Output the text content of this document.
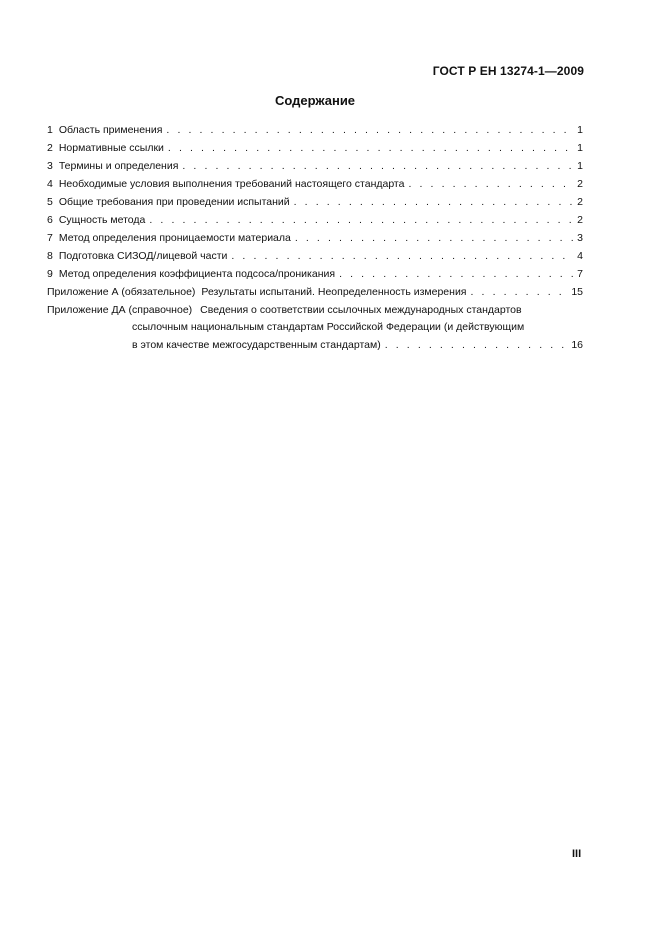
ГОСТ Р ЕН 13274-1—2009
Содержание
1 Область применения . . .	1
2 Нормативные ссылки . . .	1
3 Термины и определения . . .	1
4 Необходимые условия выполнения требований настоящего стандарта . . .	2
5 Общие требования при проведении испытаний . . .	2
6 Сущность метода . . .	2
7 Метод определения проницаемости материала . . .	3
8 Подготовка СИЗОД/лицевой части . . .	4
9 Метод определения коэффициента подсоса/проникания . . .	7
Приложение А (обязательное) Результаты испытаний. Неопределенность измерения . . .	15
Приложение ДА (справочное) Сведения о соответствии ссылочных международных стандартов
ссылочным национальным стандартам Российской Федерации (и действующим
в этом качестве межгосударственным стандартам) . . .	16
III
